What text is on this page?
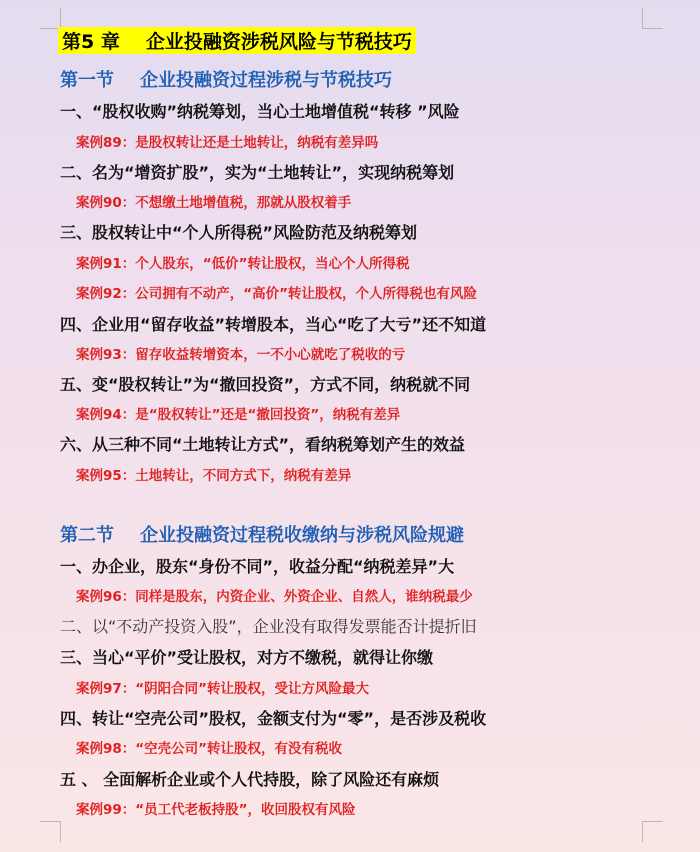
第5 章 企业投融资涉税风险与节税技巧
第一节 企业投融资过程涉税与节税技巧
一、“股权收购”纳税筹划，当心土地增值税“转移 ”风险
案例89：是股权转让还是土地转让，纳税有差异吗
二、名为“增资扩股”，实为“土地转让”，实现纳税筹划
案例90：不想缴土地增值税，那就从股权着手
三、股权转让中“个人所得税”风险防范及纳税筹划
案例91：个人股东，“低价”转让股权，当心个人所得税
案例92：公司拥有不动产，“高价”转让股权，个人所得税也有风险
四、企业用“留存收益”转增股本，当心“吃了大亏”还不知道
案例93：留存收益转增资本，一不小心就吃了税收的亏
五、变“股权转让”为“撤回投资”，方式不同，纳税就不同
案例94：是“股权转让”还是“撤回投资”，纳税有差异
六、从三种不同“土地转让方式”，看纳税筹划产生的效益
案例95：土地转让，不同方式下，纳税有差异
第二节 企业投融资过程税收缴纳与涉税风险规避
一、办企业，股东“身份不同”，收益分配“纳税差异”大
案例96：同样是股东，内资企业、外资企业、自然人，谁纳税最少
二、以“不动产投资入股”，企业没有取得发票能否计提折旧
三、当心“平价”受让股权，对方不缴税，就得让你缴
案例97：“阴阳合同”转让股权，受让方风险最大
四、转让“空壳公司”股权，金额支付为“零”，是否涉及税收
案例98：“空壳公司”转让股权，有没有税收
五 、 全面解析企业或个人代持股，除了风险还有麻烦
案例99：“员工代老板持股”，收回股权有风险
